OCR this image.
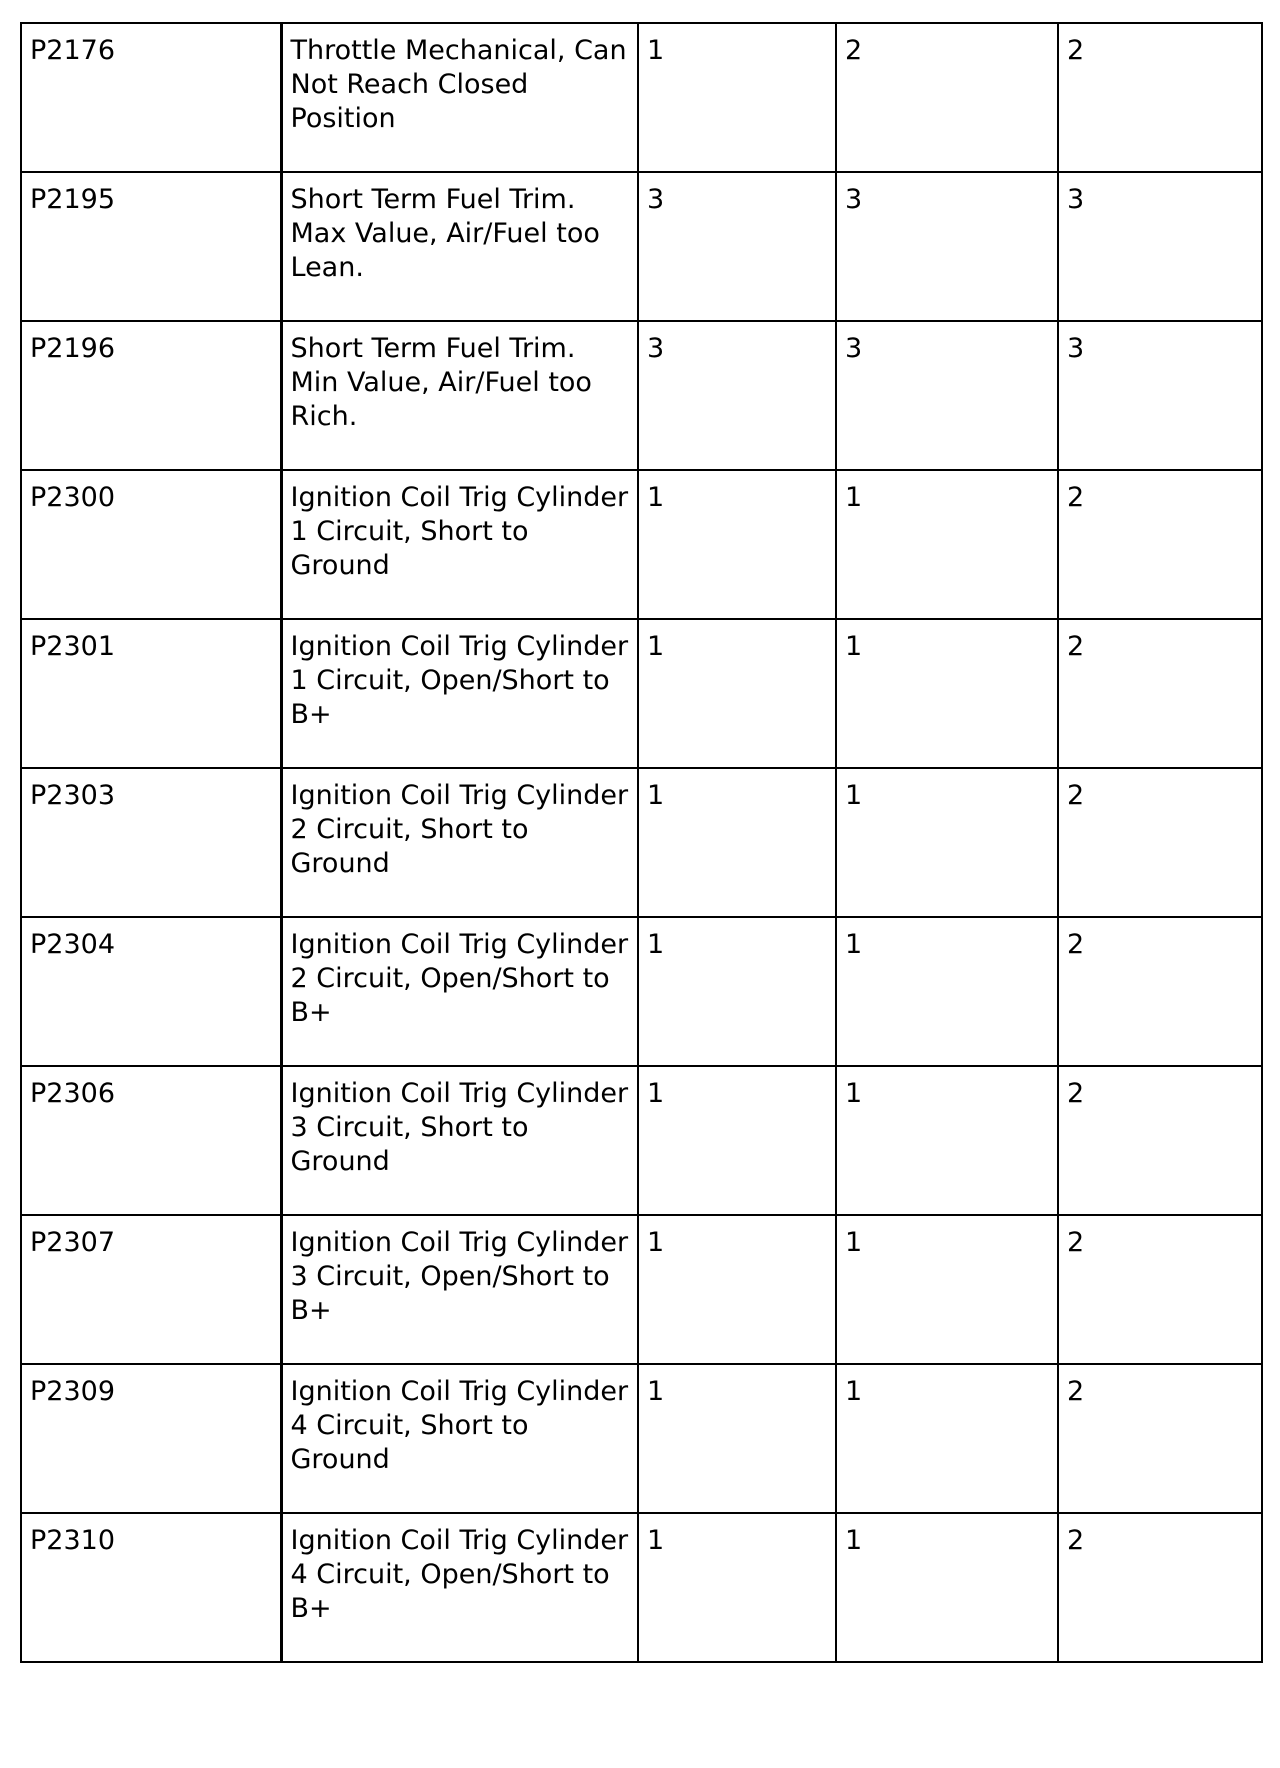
P2176	Throttle Mechanical, Can Not Reach Closed Position	1	2	2
P2195	Short Term Fuel Trim. Max Value, Air/Fuel too Lean.	3	3	3
P2196	Short Term Fuel Trim. Min Value, Air/Fuel too Rich.	3	3	3
P2300	Ignition Coil Trig Cylinder 1 Circuit, Short to Ground	1	1	2
P2301	Ignition Coil Trig Cylinder 1 Circuit, Open/Short to B+	1	1	2
P2303	Ignition Coil Trig Cylinder 2 Circuit, Short to Ground	1	1	2
P2304	Ignition Coil Trig Cylinder 2 Circuit, Open/Short to B+	1	1	2
P2306	Ignition Coil Trig Cylinder 3 Circuit, Short to Ground	1	1	2
P2307	Ignition Coil Trig Cylinder 3 Circuit, Open/Short to B+	1	1	2
P2309	Ignition Coil Trig Cylinder 4 Circuit, Short to Ground	1	1	2
P2310	Ignition Coil Trig Cylinder 4 Circuit, Open/Short to B+	1	1	2
